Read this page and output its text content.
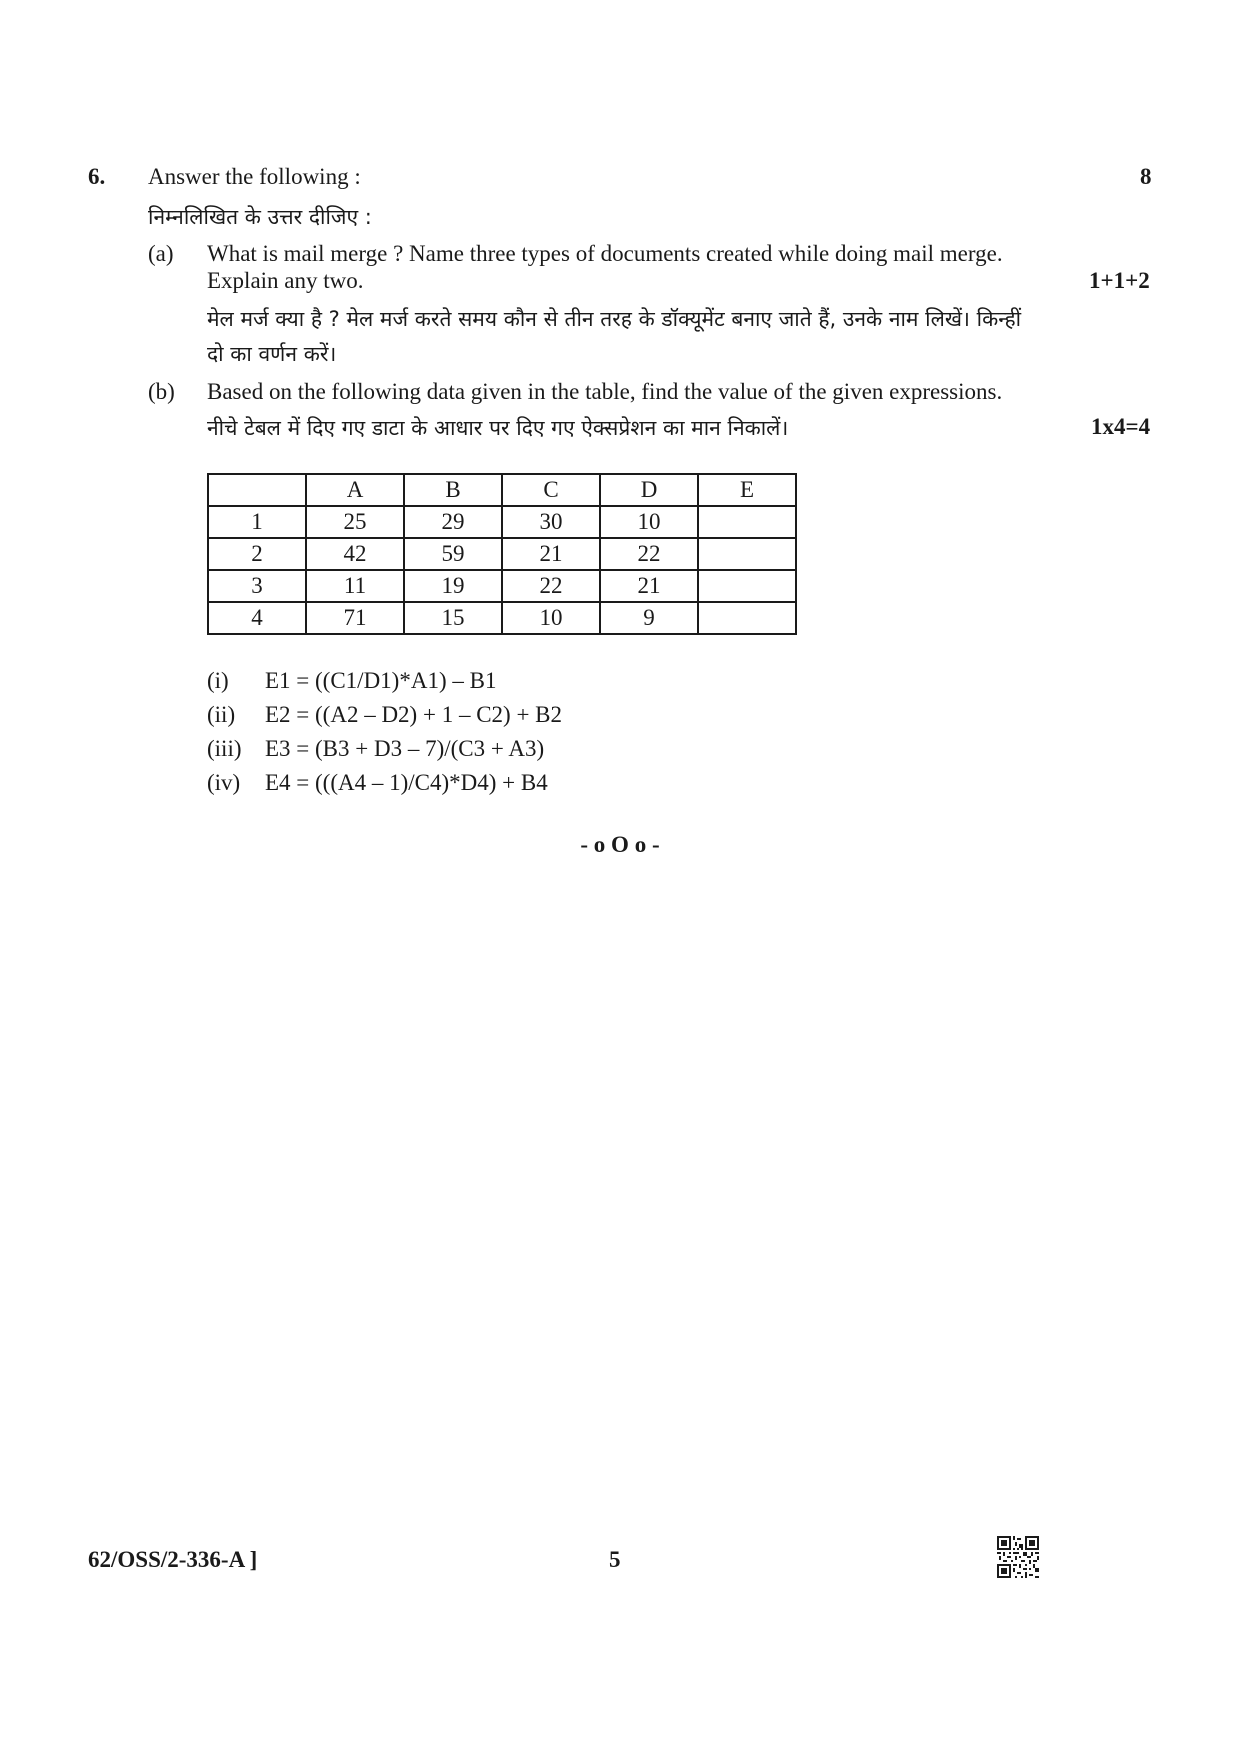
6. Answer the following :	8
निम्नलिखित के उत्तर दीजिए :
(a) What is mail merge ? Name three types of documents created while doing mail merge.
Explain any two.	1+1+2
मेल मर्ज क्या है ? मेल मर्ज करते समय कौन से तीन तरह के डॉक्यूमेंट बनाए जाते हैं, उनके नाम लिखें। किन्हीं
दो का वर्णन करें।
(b) Based on the following data given in the table, find the value of the given expressions.
नीचे टेबल में दिए गए डाटा के आधार पर दिए गए ऐक्सप्रेशन का मान निकालें।	1x4=4
	A	B	C	D	E
1	25	29	30	10	
2	42	59	21	22	
3	11	19	22	21	
4	71	15	10	9	
(i) E1 = ((C1/D1)*A1) – B1
(ii) E2 = ((A2 – D2) + 1 – C2) + B2
(iii) E3 = (B3 + D3 – 7)/(C3 + A3)
(iv) E4 = (((A4 – 1)/C4)*D4) + B4
- o O o -
62/OSS/2-336-A ]	5
